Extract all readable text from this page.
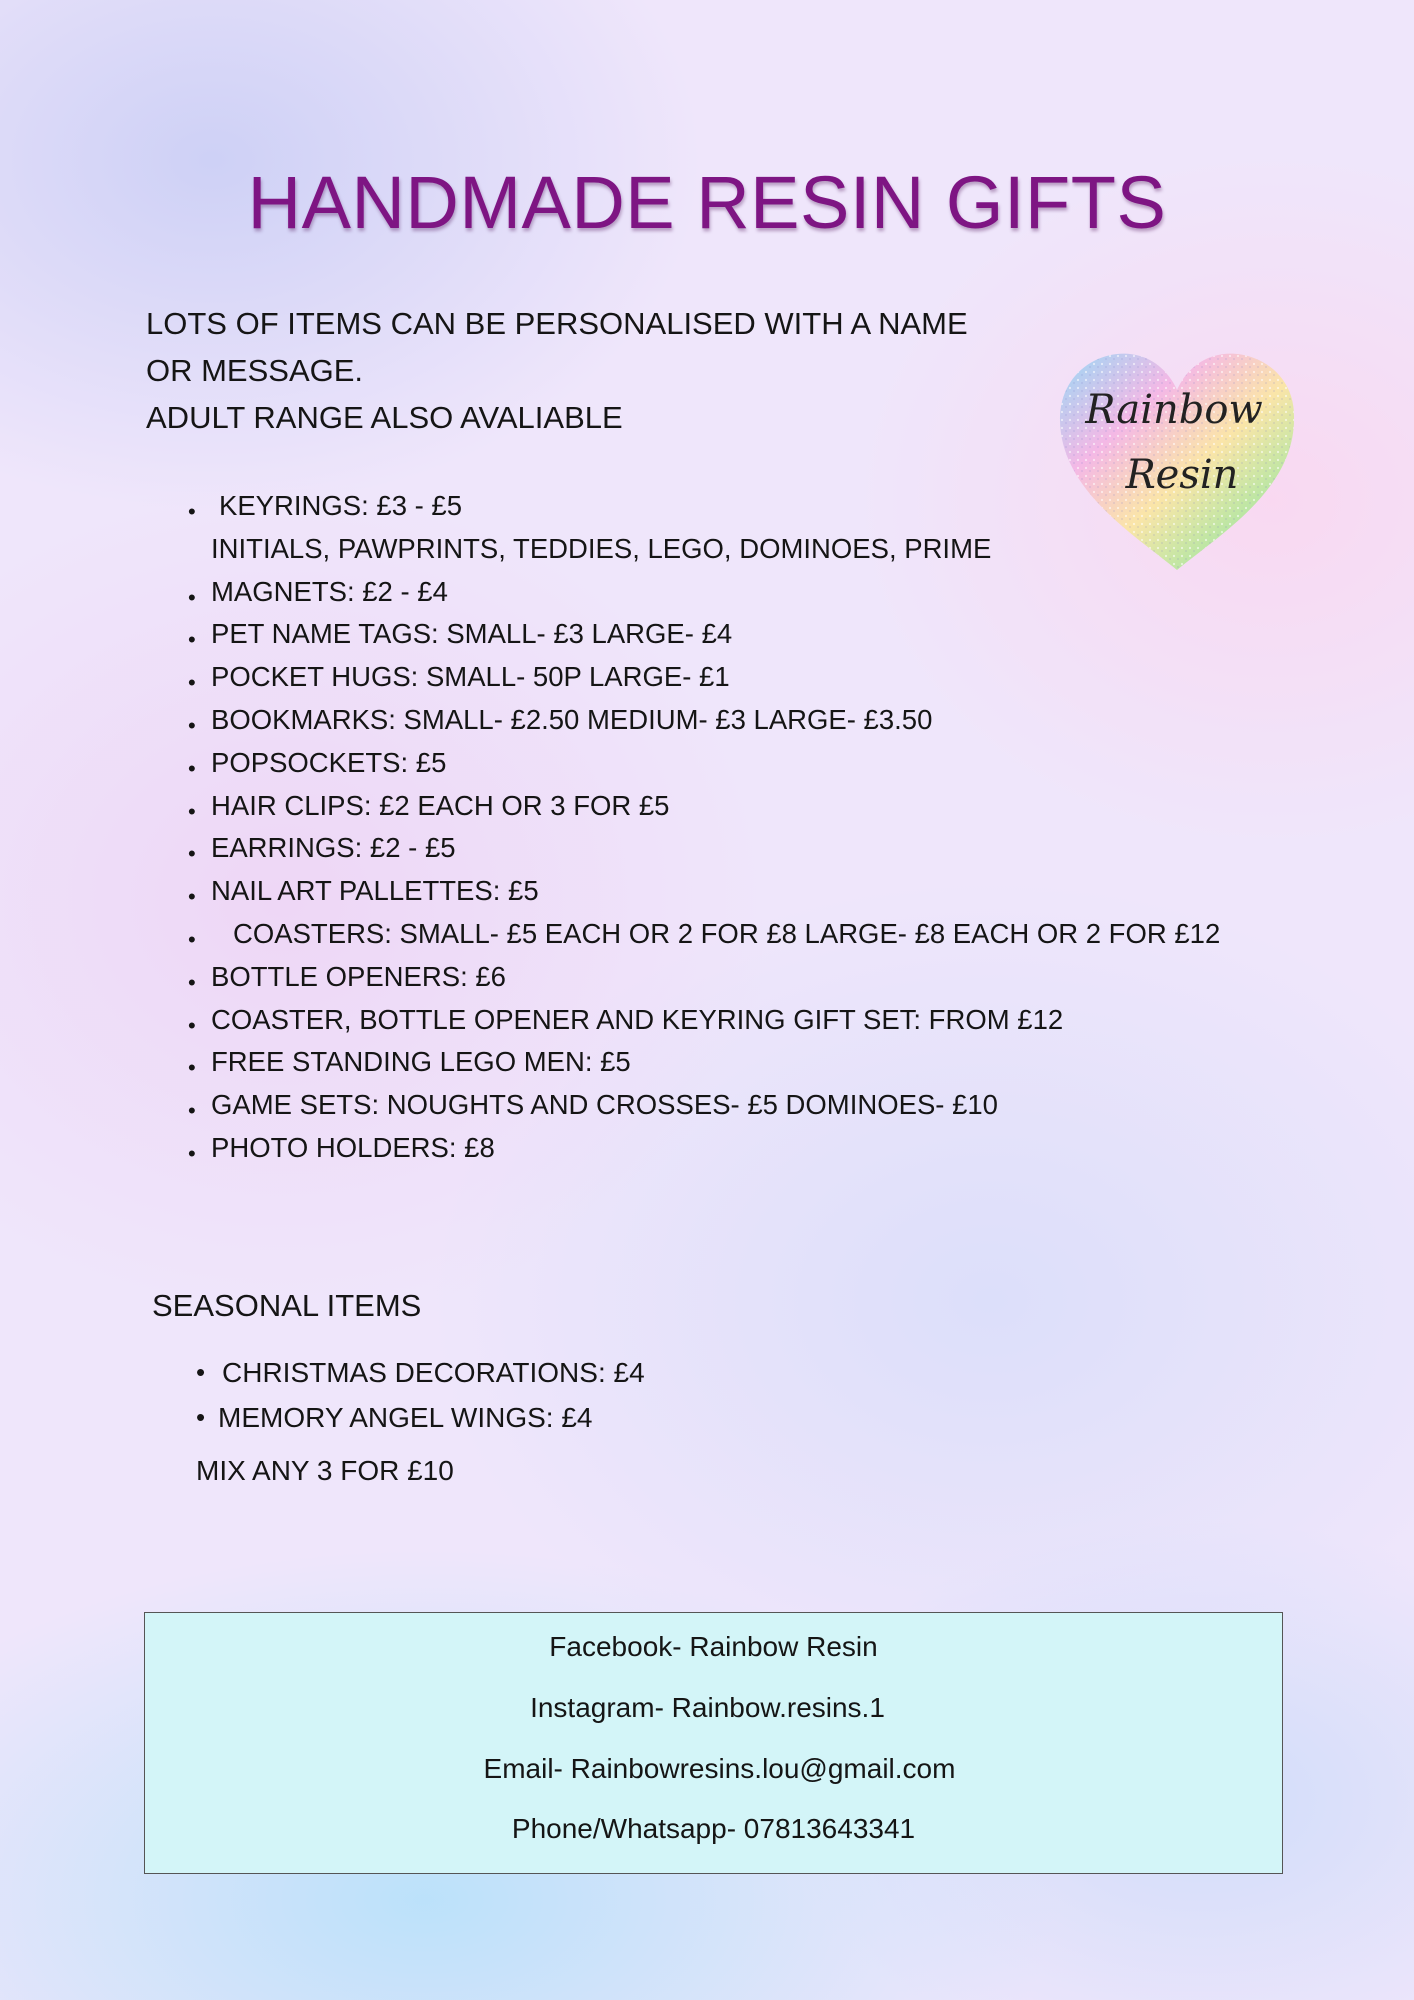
HANDMADE RESIN GIFTS
LOTS OF ITEMS CAN BE PERSONALISED WITH A NAME
OR MESSAGE.
ADULT RANGE ALSO AVALIABLE	Rainbow
Resin
• KEYRINGS: £3 - £5
INITIALS, PAWPRINTS, TEDDIES, LEGO, DOMINOES, PRIME
• MAGNETS: £2 - £4
• PET NAME TAGS: SMALL- £3 LARGE- £4
• POCKET HUGS: SMALL- 50P LARGE- £1
• BOOKMARKS: SMALL- £2.50 MEDIUM- £3 LARGE- £3.50
• POPSOCKETS: £5
• HAIR CLIPS: £2 EACH OR 3 FOR £5
• EARRINGS: £2 - £5
• NAIL ART PALLETTES: £5
• COASTERS: SMALL- £5 EACH OR 2 FOR £8 LARGE- £8 EACH OR 2 FOR £12
• BOTTLE OPENERS: £6
• COASTER, BOTTLE OPENER AND KEYRING GIFT SET: FROM £12
• FREE STANDING LEGO MEN: £5
• GAME SETS: NOUGHTS AND CROSSES- £5 DOMINOES- £10
• PHOTO HOLDERS: £8
SEASONAL ITEMS
• CHRISTMAS DECORATIONS: £4
• MEMORY ANGEL WINGS: £4
MIX ANY 3 FOR £10
Facebook- Rainbow Resin
Instagram- Rainbow.resins.1
Email- Rainbowresins.lou@gmail.com
Phone/Whatsapp- 07813643341
